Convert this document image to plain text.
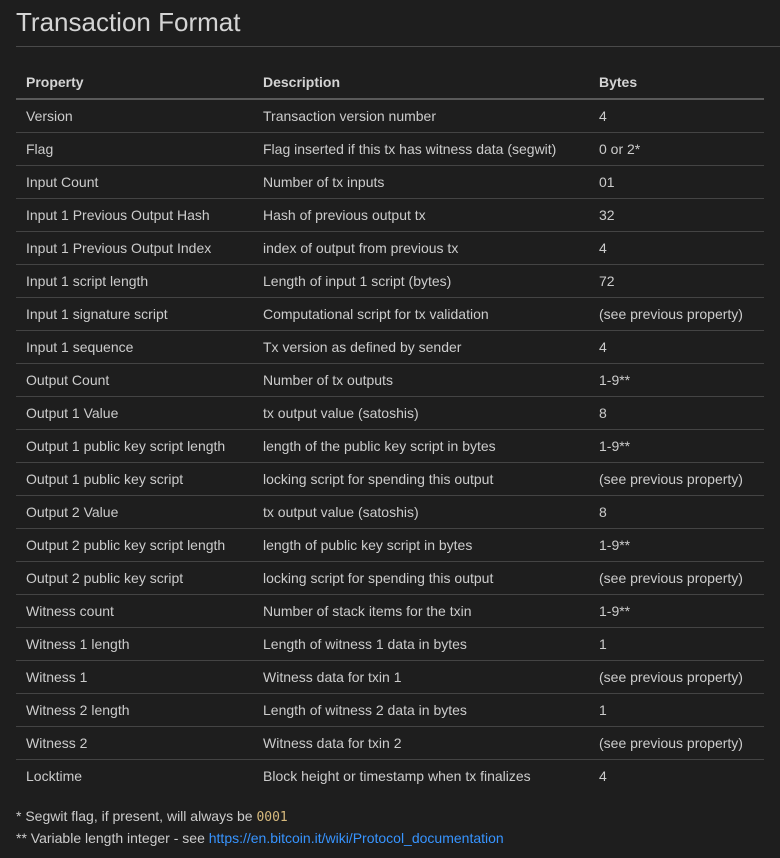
Transaction Format
Property	Description	Bytes
Version	Transaction version number	4
Flag	Flag inserted if this tx has witness data (segwit)	0 or 2*
Input Count	Number of tx inputs	01
Input 1 Previous Output Hash	Hash of previous output tx	32
Input 1 Previous Output Index	index of output from previous tx	4
Input 1 script length	Length of input 1 script (bytes)	72
Input 1 signature script	Computational script for tx validation	(see previous property)
Input 1 sequence	Tx version as defined by sender	4
Output Count	Number of tx outputs	1-9**
Output 1 Value	tx output value (satoshis)	8
Output 1 public key script length	length of the public key script in bytes	1-9**
Output 1 public key script	locking script for spending this output	(see previous property)
Output 2 Value	tx output value (satoshis)	8
Output 2 public key script length	length of public key script in bytes	1-9**
Output 2 public key script	locking script for spending this output	(see previous property)
Witness count	Number of stack items for the txin	1-9**
Witness 1 length	Length of witness 1 data in bytes	1
Witness 1	Witness data for txin 1	(see previous property)
Witness 2 length	Length of witness 2 data in bytes	1
Witness 2	Witness data for txin 2	(see previous property)
Locktime	Block height or timestamp when tx finalizes	4

* Segwit flag, if present, will always be 0001

** Variable length integer - see https://en.bitcoin.it/wiki/Protocol_documentation
